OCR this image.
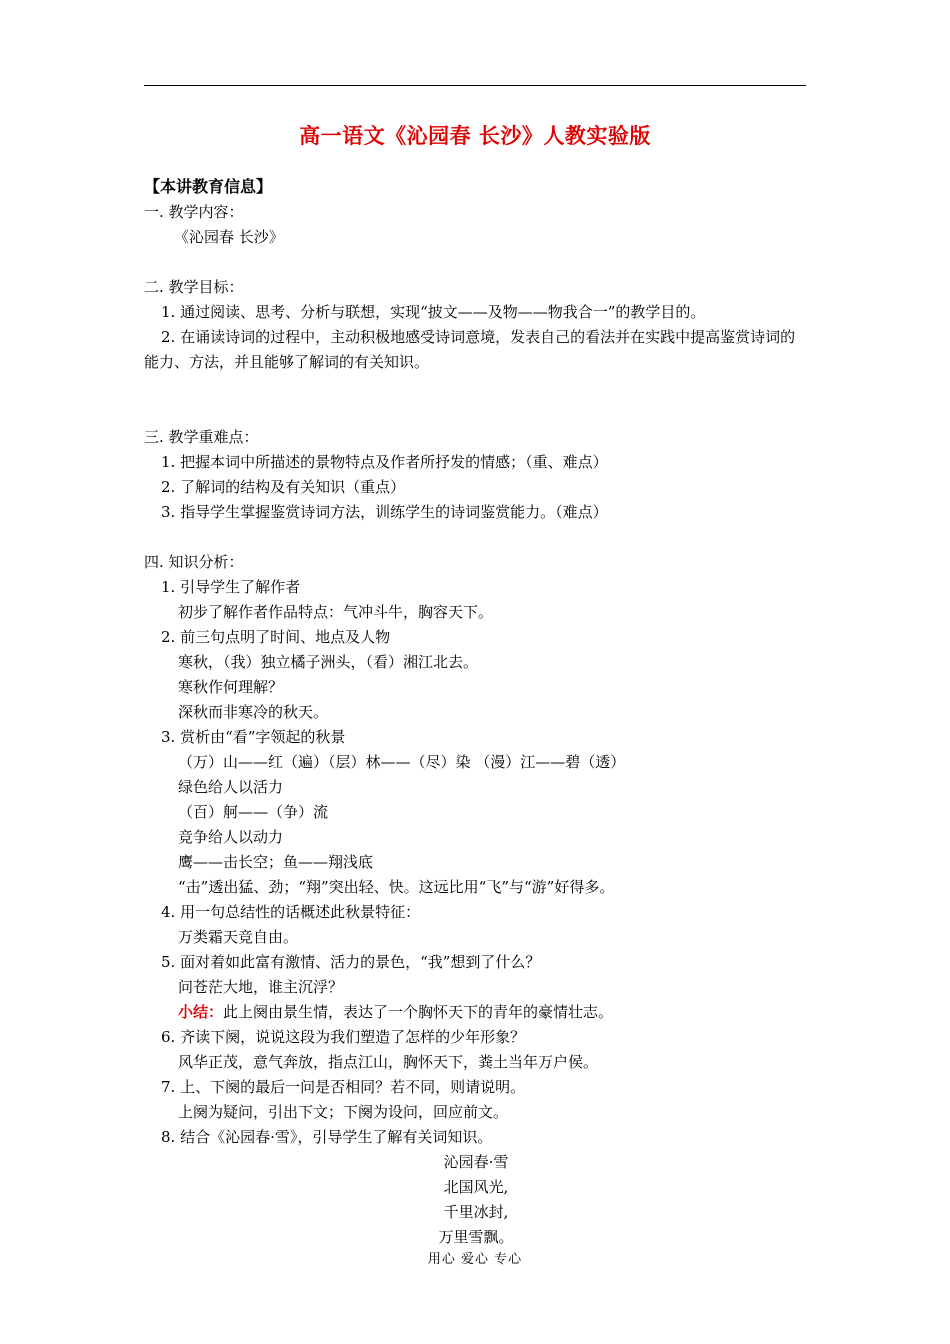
高一语文《沁园春 长沙》人教实验版
【本讲教育信息】
一. 教学内容：
《沁园春 长沙》
二. 教学目标：
1. 通过阅读、思考、分析与联想，实现“披文——及物——物我合一”的教学目的。
2. 在诵读诗词的过程中，主动积极地感受诗词意境，发表自己的看法并在实践中提高鉴赏诗词的能力、方法，并且能够了解词的有关知识。
三. 教学重难点：
1. 把握本词中所描述的景物特点及作者所抒发的情感；（重、难点）
2. 了解词的结构及有关知识（重点）
3. 指导学生掌握鉴赏诗词方法，训练学生的诗词鉴赏能力。（难点）
四. 知识分析：
1. 引导学生了解作者
初步了解作者作品特点：气冲斗牛，胸容天下。
2. 前三句点明了时间、地点及人物
寒秋，（我）独立橘子洲头，（看）湘江北去。
寒秋作何理解？
深秋而非寒冷的秋天。
3. 赏析由“看”字领起的秋景
（万）山——红（遍）（层）林——（尽）染 （漫）江——碧（透）
绿色给人以活力
（百）舸——（争）流
竞争给人以动力
鹰——击长空；鱼——翔浅底
“击”透出猛、劲；“翔”突出轻、快。这远比用“飞”与“游”好得多。
4. 用一句总结性的话概述此秋景特征：
万类霜天竞自由。
5. 面对着如此富有激情、活力的景色，“我”想到了什么？
问苍茫大地，谁主沉浮？
小结：此上阕由景生情，表达了一个胸怀天下的青年的豪情壮志。
6. 齐读下阕，说说这段为我们塑造了怎样的少年形象？
风华正茂，意气奔放，指点江山，胸怀天下，粪土当年万户侯。
7. 上、下阕的最后一问是否相同？若不同，则请说明。
上阕为疑问，引出下文；下阕为设问，回应前文。
8. 结合《沁园春·雪》，引导学生了解有关词知识。
沁园春·雪
北国风光,
千里冰封,
万里雪飘。
用心 爱心 专心
